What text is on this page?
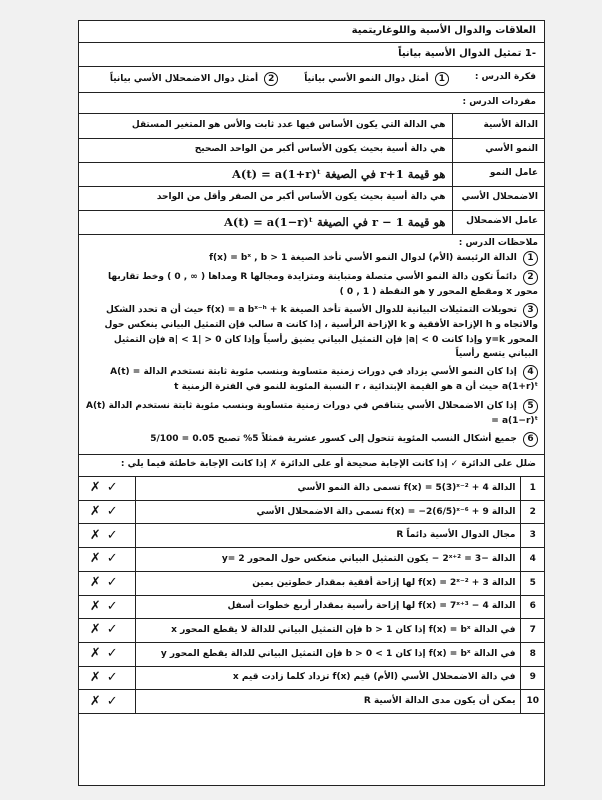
العلاقات والدوال الأسية واللوغاريتمية
-1 تمثيل الدوال الأسية بيانياً
فكرة الدرس :
1 أمثل دوال النمو الأسي بيانياً
2 أمثل دوال الاضمحلال الأسي بيانياً
مفردات الدرس :
الدالة الأسية	هي الدالة التي يكون الأساس فيها عدد ثابت والأس هو المتغير المستقل
النمو الأسي	هي دالة أسية بحيث يكون الأساس أكبر من الواحد الصحيح
عامل النمو	هو قيمة 1+r في الصيغة A(t) = a(1+r)ᵗ
الاضمحلال الأسي	هي دالة أسية بحيث يكون الأساس أكبر من الصفر وأقل من الواحد
عامل الاضمحلال	هو قيمة 1 − r في الصيغة A(t) = a(1−r)ᵗ
ملاحظات الدرس :
1 الدالة الرئيسة (الأم) لدوال النمو الأسي تأخذ الصيغة f(x) = bˣ , b > 1
2 دائماً تكون دالة النمو الأسي متصلة ومتباينة ومتزايدة ومجالها R ومداها ( ∞ , 0 ) وخط تقاربها محور x ومقطع المحور y هو النقطة ( 1 , 0 )
3 تحويلات التمثيلات البيانية للدوال الأسية تأخذ الصيغة f(x) = a bˣ⁻ʰ + k حيث أن a تحدد الشكل والاتجاه و h الإزاحة الأفقية و k الإزاحة الرأسية ، إذا كانت a سالب فإن التمثيل البياني ينعكس حول المحور y=k وإذا كانت 0 > |a| فإن التمثيل البياني يضيق رأسياً وإذا كان 0 < |a| < 1 فإن التمثيل البياني يتسع رأسياً
4 إذا كان النمو الأسي يزداد في دورات زمنية متساوية وبنسب مئوية ثابتة نستخدم الدالة A(t) = a(1+r)ᵗ حيث أن a هو القيمة الإبتدائية ، r النسبة المئوية للنمو في الفترة الزمنية t
5 إذا كان الاضمحلال الأسي يتناقص في دورات زمنية متساوية وبنسب مئوية ثابتة نستخدم الدالة A(t) = a(1−r)ᵗ
6 جميع أشكال النسب المئوية تتحول إلى كسور عشرية فمثلاً 5% تصبح 0.05 = 5/100
ضلل على الدائرة ✓ إذا كانت الإجابة صحيحة أو على الدائرة ✗ إذا كانت الإجابة خاطئة فيما يلي :
1	الدالة f(x) = 5(3)ˣ⁻² + 4 تسمى دالة النمو الأسي	✓✗
2	الدالة f(x) = −2(6/5)ˣ⁻⁶ + 9 تسمى دالة الاضمحلال الأسي	✓✗
3	مجال الدوال الأسية دائماً R	✓✗
4	الدالة −2ˣ⁺² = 3 − يكون التمثيل البياني منعكس حول المحور y= 2	✓✗
5	الدالة f(x) = 2ˣ⁻² + 3 لها إزاحة أفقية بمقدار خطوتين يمين	✓✗
6	الدالة f(x) = 7ˣ⁺³ − 4 لها إزاحة رأسية بمقدار أربع خطوات أسفل	✓✗
7	في الدالة f(x) = bˣ إذا كان 1 < b فإن التمثيل البياني للدالة لا يقطع المحور x	✓✗
8	في الدالة f(x) = bˣ إذا كان 1 > b > 0 فإن التمثيل البياني للدالة يقطع المحور y	✓✗
9	في دالة الاضمحلال الأسي (الأم) قيم f(x) تزداد كلما زادت قيم x	✓✗
10	يمكن أن يكون مدى الدالة الأسية R	✓✗
